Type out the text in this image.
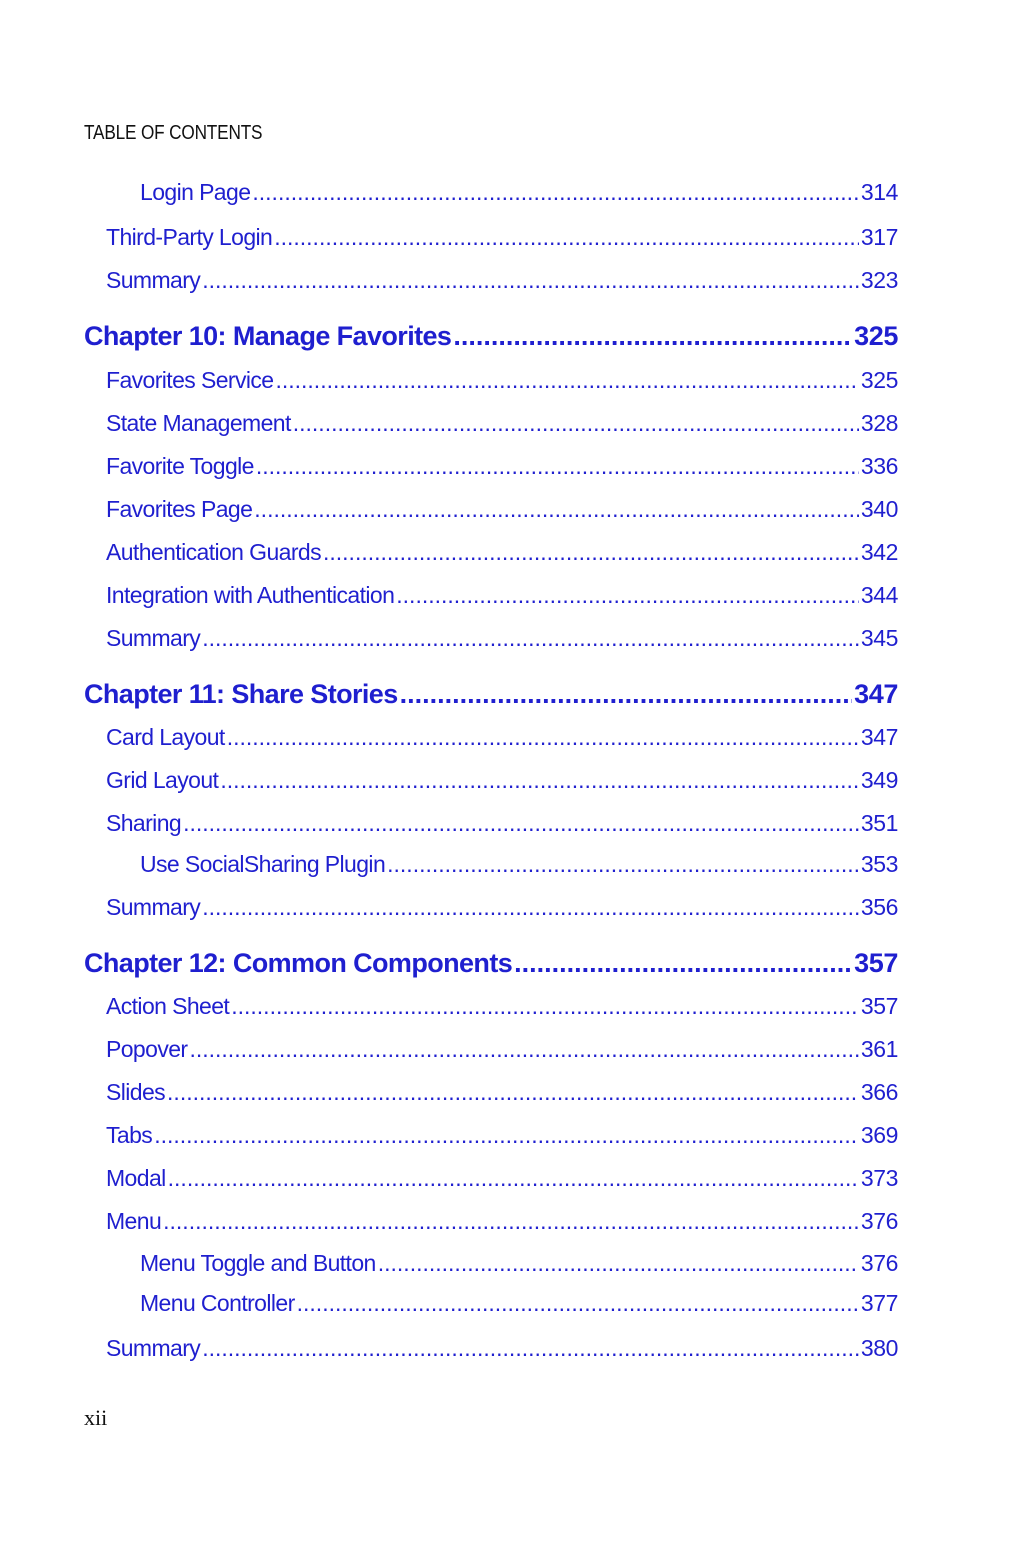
TABLE OF CONTENTS
Login Page .....	314
Third-Party Login .....	317
Summary .....	323
Chapter 10: Manage Favorites .....	325
Favorites Service .....	325
State Management .....	328
Favorite Toggle .....	336
Favorites Page .....	340
Authentication Guards .....	342
Integration with Authentication .....	344
Summary .....	345
Chapter 11: Share Stories .....	347
Card Layout .....	347
Grid Layout .....	349
Sharing .....	351
Use SocialSharing Plugin .....	353
Summary .....	356
Chapter 12: Common Components .....	357
Action Sheet .....	357
Popover .....	361
Slides .....	366
Tabs .....	369
Modal .....	373
Menu .....	376
Menu Toggle and Button .....	376
Menu Controller .....	377
Summary .....	380
xii
